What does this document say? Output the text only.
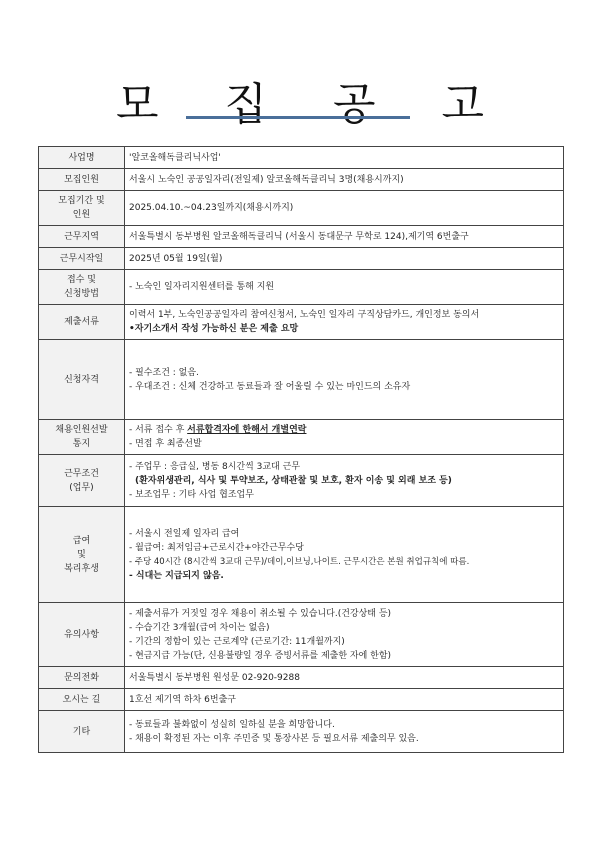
모 집 공 고
사업명	'알코올해독클리닉사업'

모집인원	서울시 노숙인 공공일자리(전일제) 알코올해독클리닉 3명(채용시까지)

모집기간 및
인원	2025.04.10.~04.23일까지(채용시까지)

근무지역	서울특별시 동부병원 알코올해독클리닉 (서울시 동대문구 무학로 124),제기역 6번출구

근무시작일	2025년 05월 19일(월)

접수 및
신청방법	- 노숙인 일자리지원센터를 통해 지원

제출서류	이력서 1부, 노숙인공공일자리 참여신청서, 노숙인 일자리 구직상담카드, 개인정보 동의서
•자기소개서 작성 가능하신 분은 제출 요망

신청자격	- 필수조건 : 없음.
- 우대조건 : 신체 건강하고 동료들과 잘 어울릴 수 있는 마인드의 소유자

채용인원선발
통지	- 서류 접수 후 서류합격자에 한해서 개별연락
- 면접 후 최종선발

근무조건
(업무)	- 주업무 : 응급실, 병동 8시간씩 3교대 근무
(환자위생관리, 식사 및 투약보조, 상태관찰 및 보호, 환자 이송 및 외래 보조 등)
- 보조업무 : 기타 사업 협조업무

급여
및
복리후생	- 서울시 전일제 일자리 급여
- 월급여: 최저임금+근로시간+야간근무수당
- 주당 40시간 (8시간씩 3교대 근무)/데이,이브닝,나이트. 근무시간은 본원 취업규칙에 따름.
- 식대는 지급되지 않음.

유의사항	- 제출서류가 거짓일 경우 채용이 취소될 수 있습니다.(건강상태 등)
- 수습기간 3개월(급여 차이는 없음)
- 기간의 정함이 있는 근로계약 (근로기간: 11개월까지)
- 현금지급 가능(단, 신용불량일 경우 증빙서류를 제출한 자에 한함)

문의전화	서울특별시 동부병원 원성문 02-920-9288

오시는 길	1호선 제기역 하차 6번출구

기타	- 동료들과 불화없이 성실히 일하실 분을 희망합니다.
- 채용이 확정된 자는 이후 주민증 및 통장사본 등 필요서류 제출의무 있음.
